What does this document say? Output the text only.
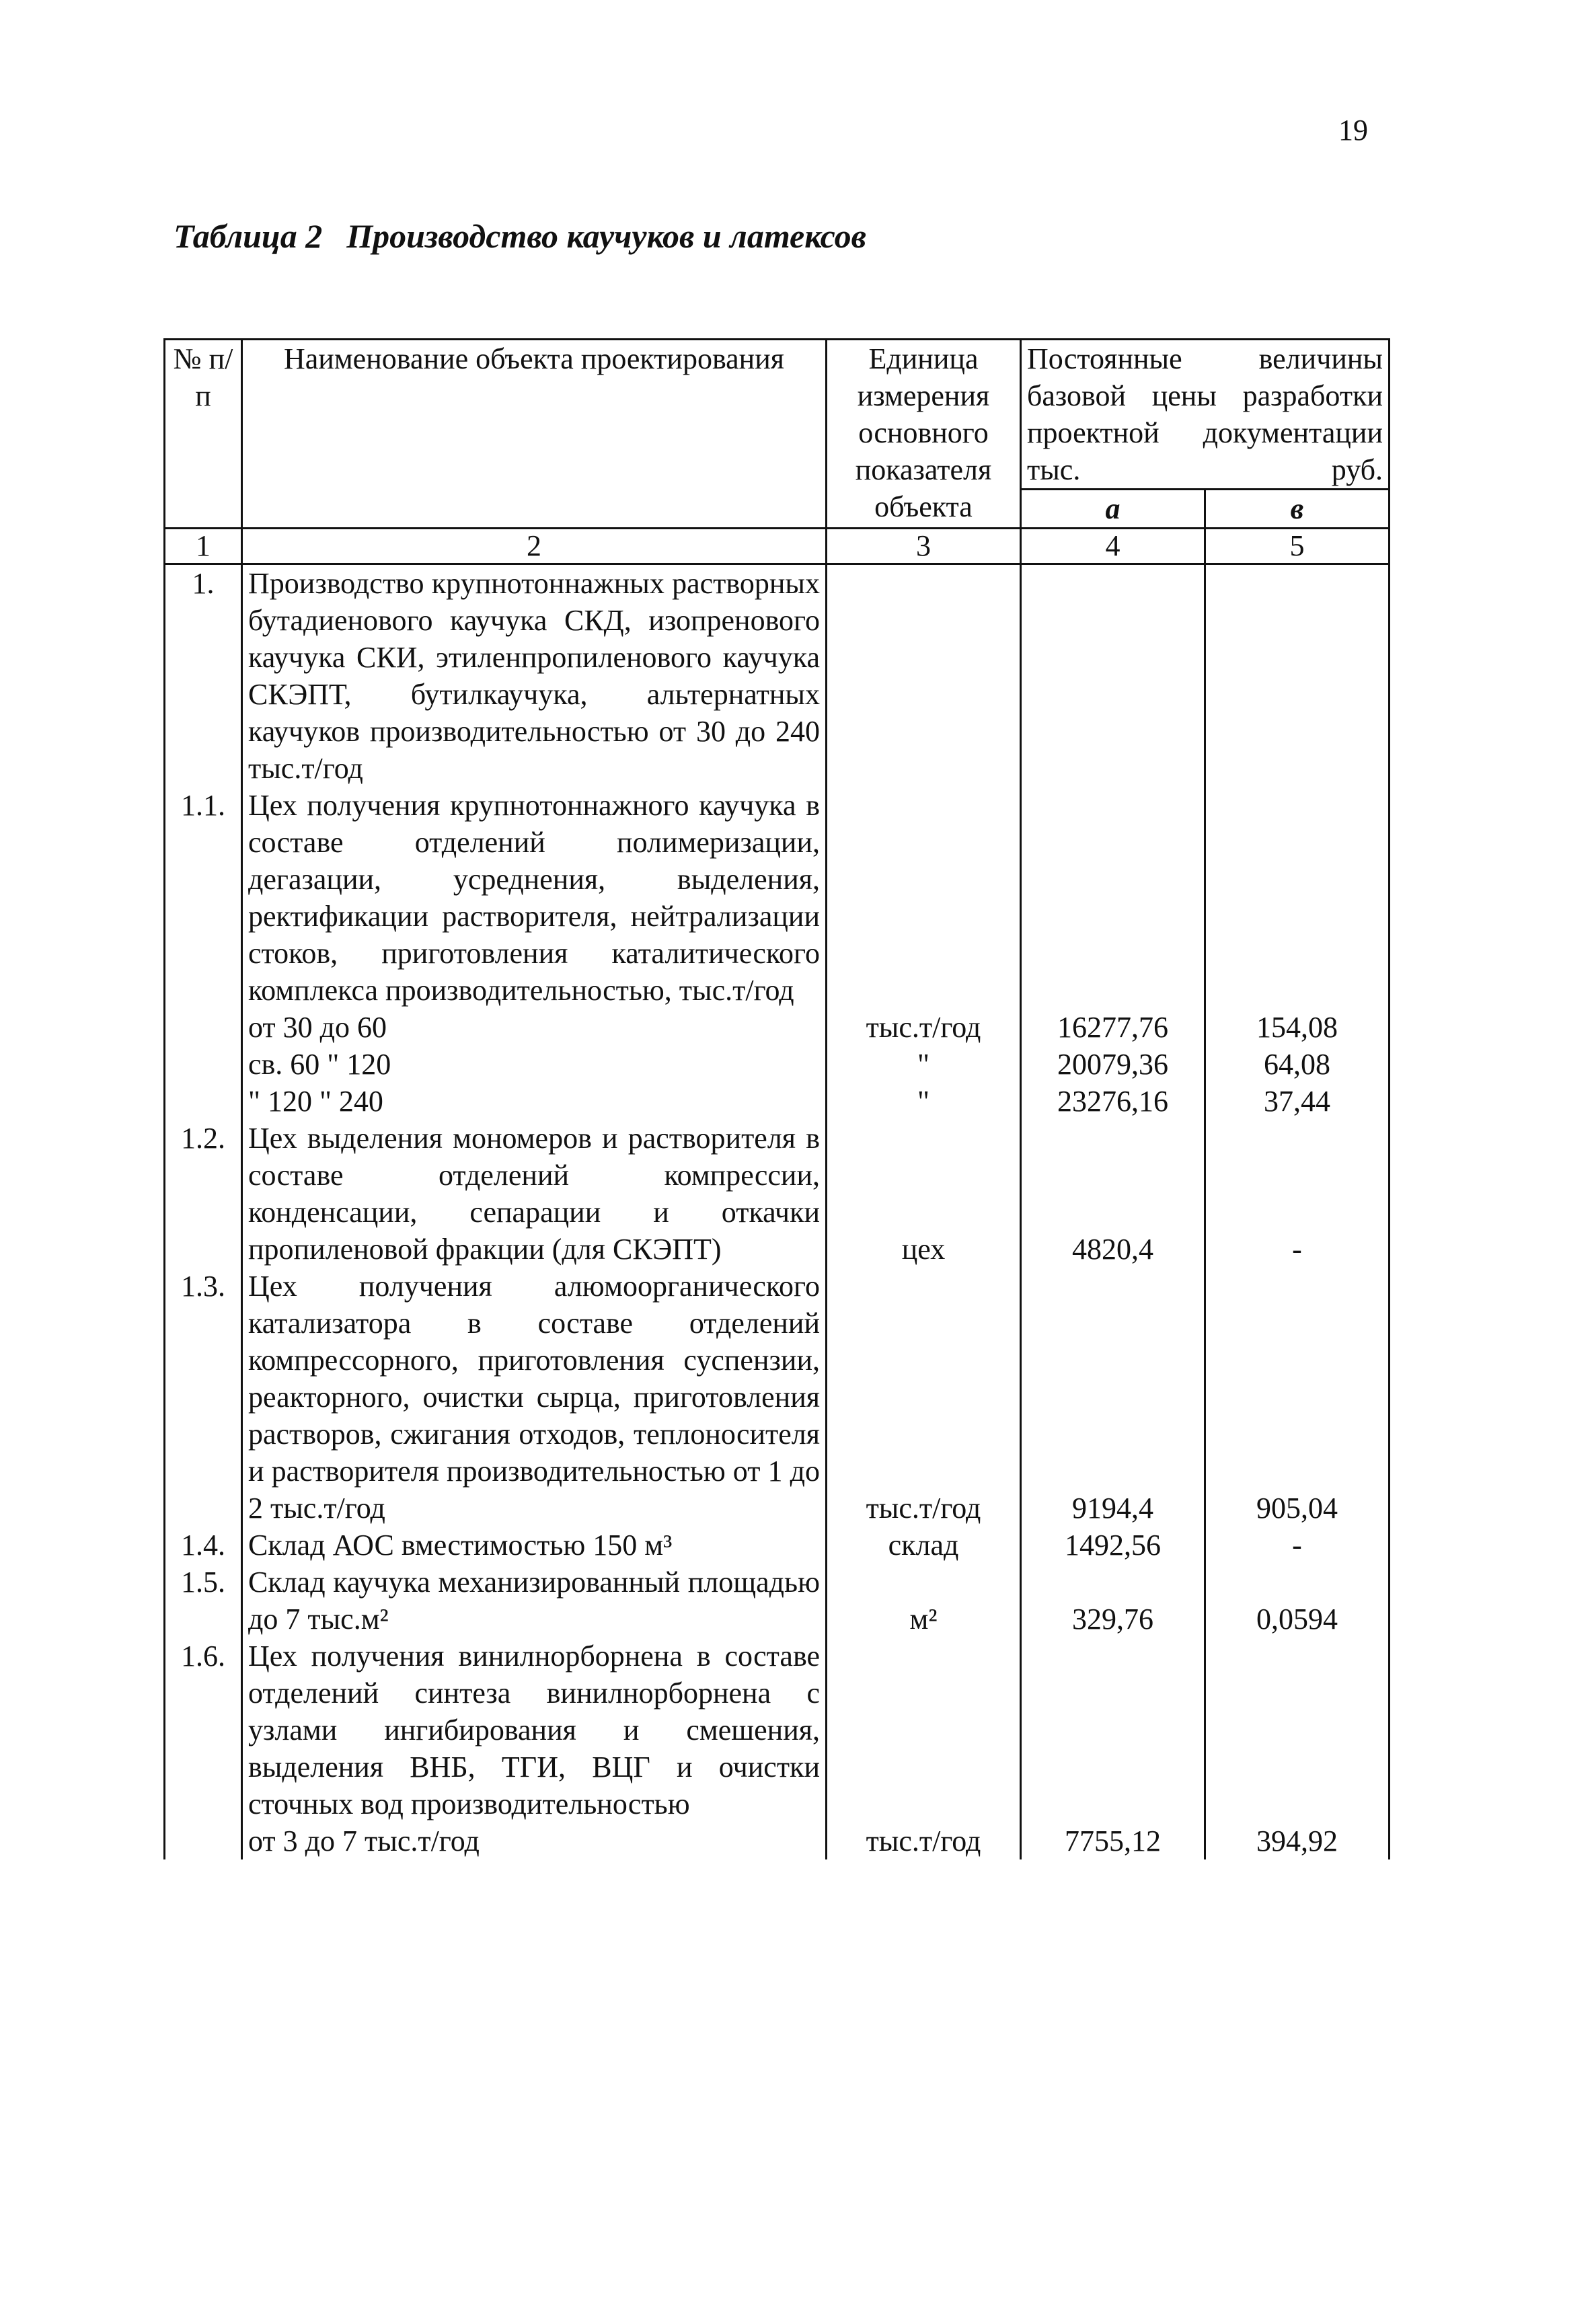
19
Таблица 2 Производство каучуков и латексов
№ п/п	Наименование объекта проектирования	Единица измерения основного показателя объекта	Постоянные величины базовой цены разработки проектной документации тыс. руб.	
			а	в
1	2	3	4	5
1.	Производство крупнотоннажных растворных бутадиенового каучука СКД, изопренового каучука СКИ, этиленпропиленового каучука СКЭПТ, бутилкаучука, альтернатных каучуков производительностью от 30 до 240 тыс.т/год			
1.1.	Цех получения крупнотоннажного каучука в составе отделений полимеризации, дегазации, усреднения, выделения, ректификации растворителя, нейтрализации стоков, приготовления каталитического комплекса производительностью, тыс.т/год			
	от 30 до 60	тыс.т/год	16277,76	154,08
	св. 60 " 120	"	20079,36	64,08
	" 120 " 240	"	23276,16	37,44
1.2.	Цех выделения мономеров и растворителя в составе отделений компрессии, конденсации, сепарации и откачки пропиленовой фракции (для СКЭПТ)	цех	4820,4	-
1.3.	Цех получения алюмоорганического катализатора в составе отделений компрессорного, приготовления суспензии, реакторного, очистки сырца, приготовления растворов, сжигания отходов, теплоносителя и растворителя производительностью от 1 до 2 тыс.т/год	тыс.т/год	9194,4	905,04
1.4.	Склад АОС вместимостью 150 м³	склад	1492,56	-
1.5.	Склад каучука механизированный площадью до 7 тыс.м²	м²	329,76	0,0594
1.6.	Цех получения винилнорборнена в составе отделений синтеза винилнорборнена с узлами ингибирования и смешения, выделения ВНБ, ТГИ, ВЦГ и очистки сточных вод производительностью			
	от 3 до 7 тыс.т/год	тыс.т/год	7755,12	394,92
